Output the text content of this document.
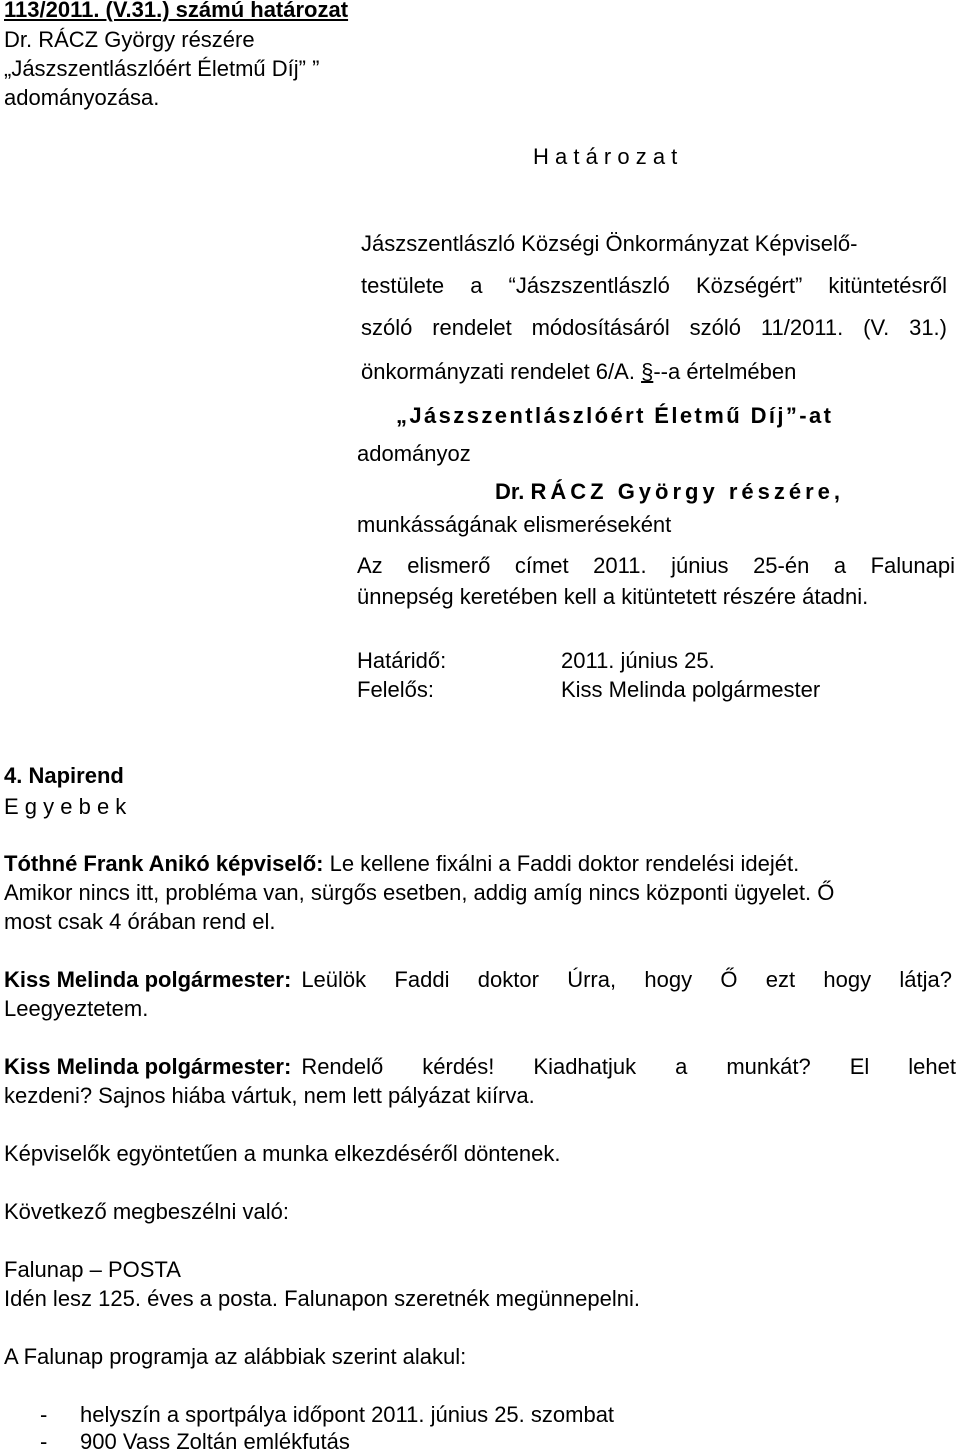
113/2011. (V.31.) számú határozat
Dr. RÁCZ György részére
„Jászszentlászlóért Életmű Díj” ”
adományozása.
H a t á r o z a t
Jászszentlászló Községi Önkormányzat Képviselő-
testülete a “Jászszentlászló Községért” kitüntetésről
szóló rendelet módosításáról szóló 11/2011. (V. 31.)
önkormányzati rendelet 6/A. §--a értelmében
„Jászszentlászlóért Életmű Díj”-at
adományoz
Dr. RÁCZ György részére,
munkásságának elismeréseként
Az elismerő címet 2011. június 25-én a Falunapi
ünnepség keretében kell a kitüntetett részére átadni.
Határidő:	2011. június 25.
Felelős:	Kiss Melinda polgármester
4. Napirend
E g y e b e k
Tóthné Frank Anikó képviselő: Le kellene fixálni a Faddi doktor rendelési idejét.
Amikor nincs itt, probléma van, sürgős esetben, addig amíg nincs központi ügyelet. Ő
most csak 4 órában rend el.
Kiss Melinda polgármester: Leülök Faddi doktor Úrra, hogy Ő ezt hogy látja?
Leegyeztetem.
Kiss Melinda polgármester: Rendelő kérdés! Kiadhatjuk a munkát? El lehet
kezdeni? Sajnos hiába vártuk, nem lett pályázat kiírva.
Képviselők egyöntetűen a munka elkezdéséről döntenek.
Következő megbeszélni való:
Falunap – POSTA
Idén lesz 125. éves a posta. Falunapon szeretnék megünnepelni.
A Falunap programja az alábbiak szerint alakul:
- helyszín a sportpálya időpont 2011. június 25. szombat
- 900 Vass Zoltán emlékfutás
